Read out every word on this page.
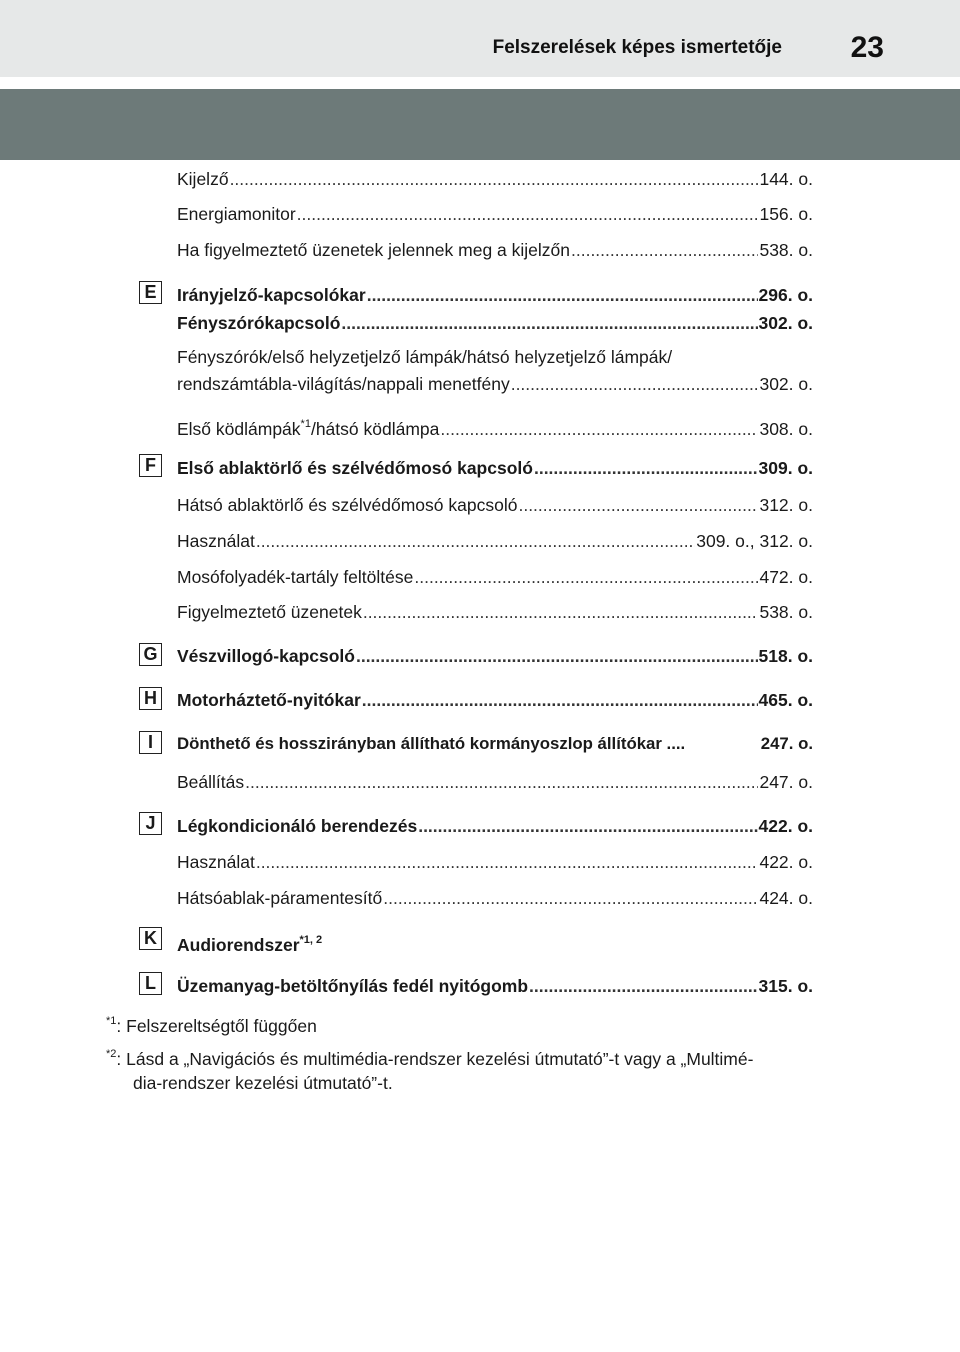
Felszerelések képes ismertetője 23
Kijelző .....	144. o.
Energiamonitor .....	156. o.
Ha figyelmeztető üzenetek jelennek meg a kijelzőn .....	538. o.
E	Irányjelző-kapcsolókar .....	296. o.
Fényszórókapcsoló .....	302. o.
Fényszórók/első helyzetjelző lámpák/hátsó helyzetjelző lámpák/
rendszámtábla-világítás/nappali menetfény .....	302. o.
Első ködlámpák$^{*1}$/hátsó ködlámpa .....	308. o.
F	Első ablaktörlő és szélvédőmosó kapcsoló .....	309. o.
Hátsó ablaktörlő és szélvédőmosó kapcsoló .....	312. o.
Használat .....	309. o., 312. o.
Mosófolyadék-tartály feltöltése .....	472. o.
Figyelmeztető üzenetek .....	538. o.
G Vészvillogó-kapcsoló .....	518. o.
H Motorháztető-nyitókar .....	465. o.
I	Dönthető és hosszirányban állítható kormányoszlop állítókar ....	247. o.
Beállítás .....	247. o.
J	Légkondicionáló berendezés .....	422. o.
Használat .....	422. o.
Hátsóablak-páramentesítő .....	424. o.
K Audiorendszer$^{*1, 2}$
L	Üzemanyag-betöltőnyílás fedél nyitógomb .....	315. o.
$^{*1}$: Felszereltségtől függően
$^{*2}$: Lásd a „Navigációs és multimédia-rendszer kezelési útmutató”-t vagy a „Multimé-
dia-rendszer kezelési útmutató”-t.
